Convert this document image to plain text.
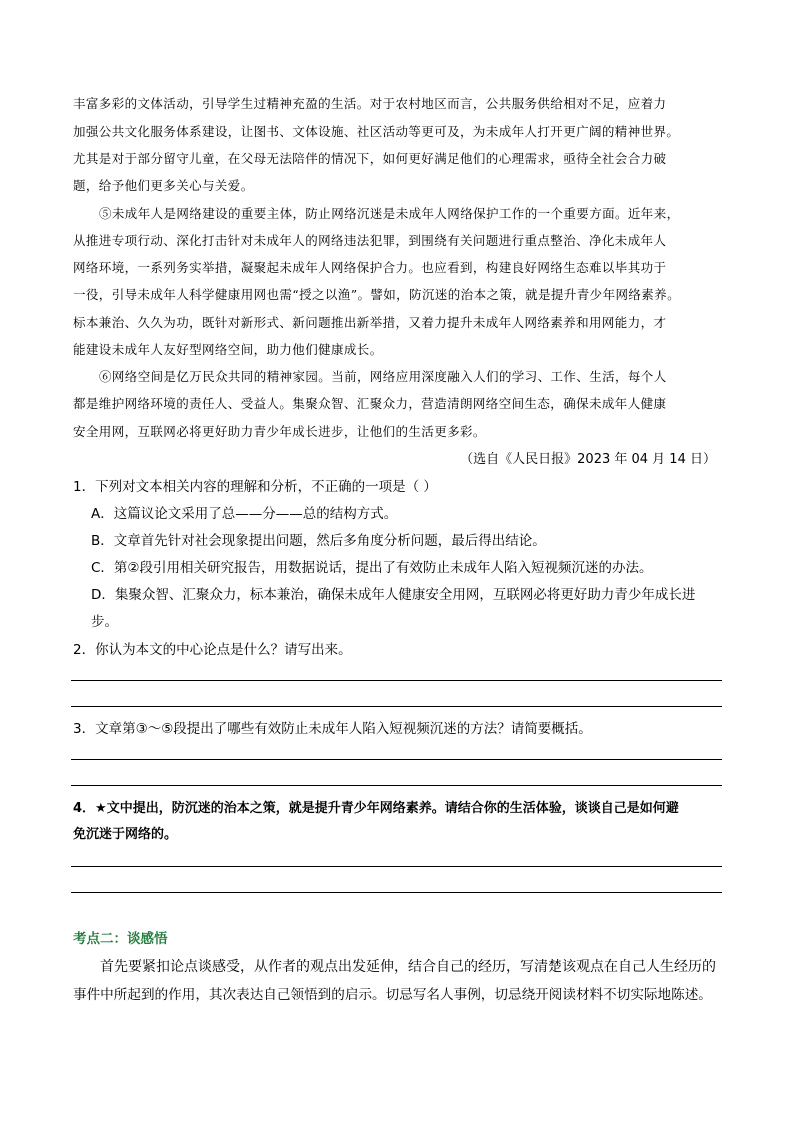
丰富多彩的文体活动，引导学生过精神充盈的生活。对于农村地区而言，公共服务供给相对不足，应着力

加强公共文化服务体系建设，让图书、文体设施、社区活动等更可及，为未成年人打开更广阔的精神世界。

尤其是对于部分留守儿童，在父母无法陪伴的情况下，如何更好满足他们的心理需求，亟待全社会合力破

题，给予他们更多关心与关爱。

⑤未成年人是网络建设的重要主体，防止网络沉迷是未成年人网络保护工作的一个重要方面。近年来，

从推进专项行动、深化打击针对未成年人的网络违法犯罪，到围绕有关问题进行重点整治、净化未成年人

网络环境，一系列务实举措，凝聚起未成年人网络保护合力。也应看到，构建良好网络生态难以毕其功于

一役，引导未成年人科学健康用网也需“授之以渔”。譬如，防沉迷的治本之策，就是提升青少年网络素养。

标本兼治、久久为功，既针对新形式、新问题推出新举措，又着力提升未成年人网络素养和用网能力，才

能建设未成年人友好型网络空间，助力他们健康成长。

⑥网络空间是亿万民众共同的精神家园。当前，网络应用深度融入人们的学习、工作、生活，每个人

都是维护网络环境的责任人、受益人。集聚众智、汇聚众力，营造清朗网络空间生态，确保未成年人健康

安全用网，互联网必将更好助力青少年成长进步，让他们的生活更多彩。

（选自《人民日报》2023 年 04 月 14 日）

1．下列对文本相关内容的理解和分析，不正确的一项是（ ）

A．这篇议论文采用了总——分——总的结构方式。

B．文章首先针对社会现象提出问题，然后多角度分析问题，最后得出结论。

C．第②段引用相关研究报告，用数据说话，提出了有效防止未成年人陷入短视频沉迷的办法。

D．集聚众智、汇聚众力，标本兼治，确保未成年人健康安全用网，互联网必将更好助力青少年成长进

步。

2．你认为本文的中心论点是什么？请写出来。

3．文章第③～⑤段提出了哪些有效防止未成年人陷入短视频沉迷的方法？请简要概括。

4．★文中提出，防沉迷的治本之策，就是提升青少年网络素养。请结合你的生活体验，谈谈自己是如何避

免沉迷于网络的。

考点二：谈感悟

首先要紧扣论点谈感受，从作者的观点出发延伸，结合自己的经历，写清楚该观点在自己人生经历的

事件中所起到的作用，其次表达自己领悟到的启示。切忌写名人事例，切忌绕开阅读材料不切实际地陈述。
